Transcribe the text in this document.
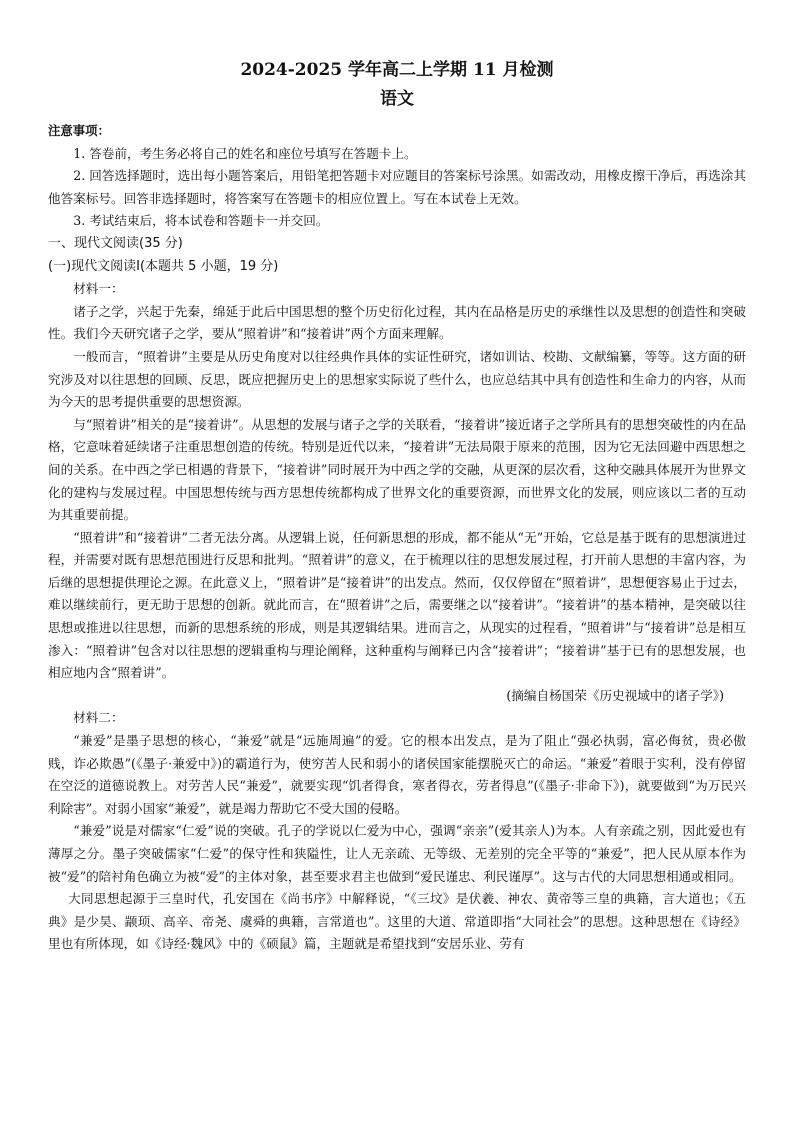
2024-2025 学年高二上学期 11 月检测
语文

注意事项：

1. 答卷前，考生务必将自己的姓名和座位号填写在答题卡上。

2. 回答选择题时，选出每小题答案后，用铅笔把答题卡对应题目的答案标号涂黑。如需改动，用橡皮擦干净后，再选涂其他答案标号。回答非选择题时，将答案写在答题卡的相应位置上。写在本试卷上无效。

3. 考试结束后，将本试卷和答题卡一并交回。

一、现代文阅读(35 分)

(一)现代文阅读Ⅰ(本题共 5 小题，19 分)

材料一：

诸子之学，兴起于先秦，绵延于此后中国思想的整个历史衍化过程，其内在品格是历史的承继性以及思想的创造性和突破性。我们今天研究诸子之学，要从“照着讲”和“接着讲”两个方面来理解。

一般而言，“照着讲”主要是从历史角度对以往经典作具体的实证性研究，诸如训诂、校勘、文献编纂，等等。这方面的研究涉及对以往思想的回顾、反思，既应把握历史上的思想家实际说了些什么，也应总结其中具有创造性和生命力的内容，从而为今天的思考提供重要的思想资源。

与“照着讲”相关的是“接着讲”。从思想的发展与诸子之学的关联看，“接着讲”接近诸子之学所具有的思想突破性的内在品格，它意味着延续诸子注重思想创造的传统。特别是近代以来，“接着讲”无法局限于原来的范围，因为它无法回避中西思想之间的关系。在中西之学已相遇的背景下，“接着讲”同时展开为中西之学的交融，从更深的层次看，这种交融具体展开为世界文化的建构与发展过程。中国思想传统与西方思想传统都构成了世界文化的重要资源，而世界文化的发展，则应该以二者的互动为其重要前提。

“照着讲”和“接着讲”二者无法分离。从逻辑上说，任何新思想的形成，都不能从“无”开始，它总是基于既有的思想演进过程，并需要对既有思想范围进行反思和批判。“照着讲”的意义，在于梳理以往的思想发展过程，打开前人思想的丰富内容，为后继的思想提供理论之源。在此意义上，“照着讲”是“接着讲”的出发点。然而，仅仅停留在“照着讲”，思想便容易止于过去，难以继续前行，更无助于思想的创新。就此而言，在“照着讲”之后，需要继之以“接着讲”。“接着讲”的基本精神，是突破以往思想或推进以往思想，而新的思想系统的形成，则是其逻辑结果。进而言之，从现实的过程看，“照着讲”与“接着讲”总是相互渗入：“照着讲”包含对以往思想的逻辑重构与理论阐释，这种重构与阐释已内含“接着讲”；“接着讲”基于已有的思想发展，也相应地内含“照着讲”。

(摘编自杨国荣《历史视域中的诸子学》)

材料二：

“兼爱”是墨子思想的核心，“兼爱”就是“远施周遍”的爱。它的根本出发点，是为了阻止“强必执弱，富必侮贫，贵必傲贱，诈必欺愚”(《墨子·兼爱中》)的霸道行为，使穷苦人民和弱小的诸侯国家能摆脱灭亡的命运。“兼爱”着眼于实利，没有停留在空泛的道德说教上。对劳苦人民“兼爱”，就要实现“饥者得食，寒者得衣，劳者得息”(《墨子·非命下》)，就要做到“为万民兴利除害”。对弱小国家“兼爱”，就是竭力帮助它不受大国的侵略。

“兼爱”说是对儒家“仁爱”说的突破。孔子的学说以仁爱为中心，强调“亲亲”(爱其亲人)为本。人有亲疏之别，因此爱也有薄厚之分。墨子突破儒家“仁爱”的保守性和狭隘性，让人无亲疏、无等级、无差别的完全平等的“兼爱”，把人民从原本作为被“爱”的陪衬角色确立为被“爱”的主体对象，甚至要求君主也做到“爱民谨忠、利民谨厚”。这与古代的大同思想相通或相同。

大同思想起源于三皇时代，孔安国在《尚书序》中解释说，“《三坟》是伏羲、神农、黄帝等三皇的典籍，言大道也；《五典》是少昊、颛顼、高辛、帝尧、虞舜的典籍，言常道也”。这里的大道、常道即指“大同社会”的思想。这种思想在《诗经》里也有所体现，如《诗经·魏风》中的《硕鼠》篇，主题就是希望找到“安居乐业、劳有
